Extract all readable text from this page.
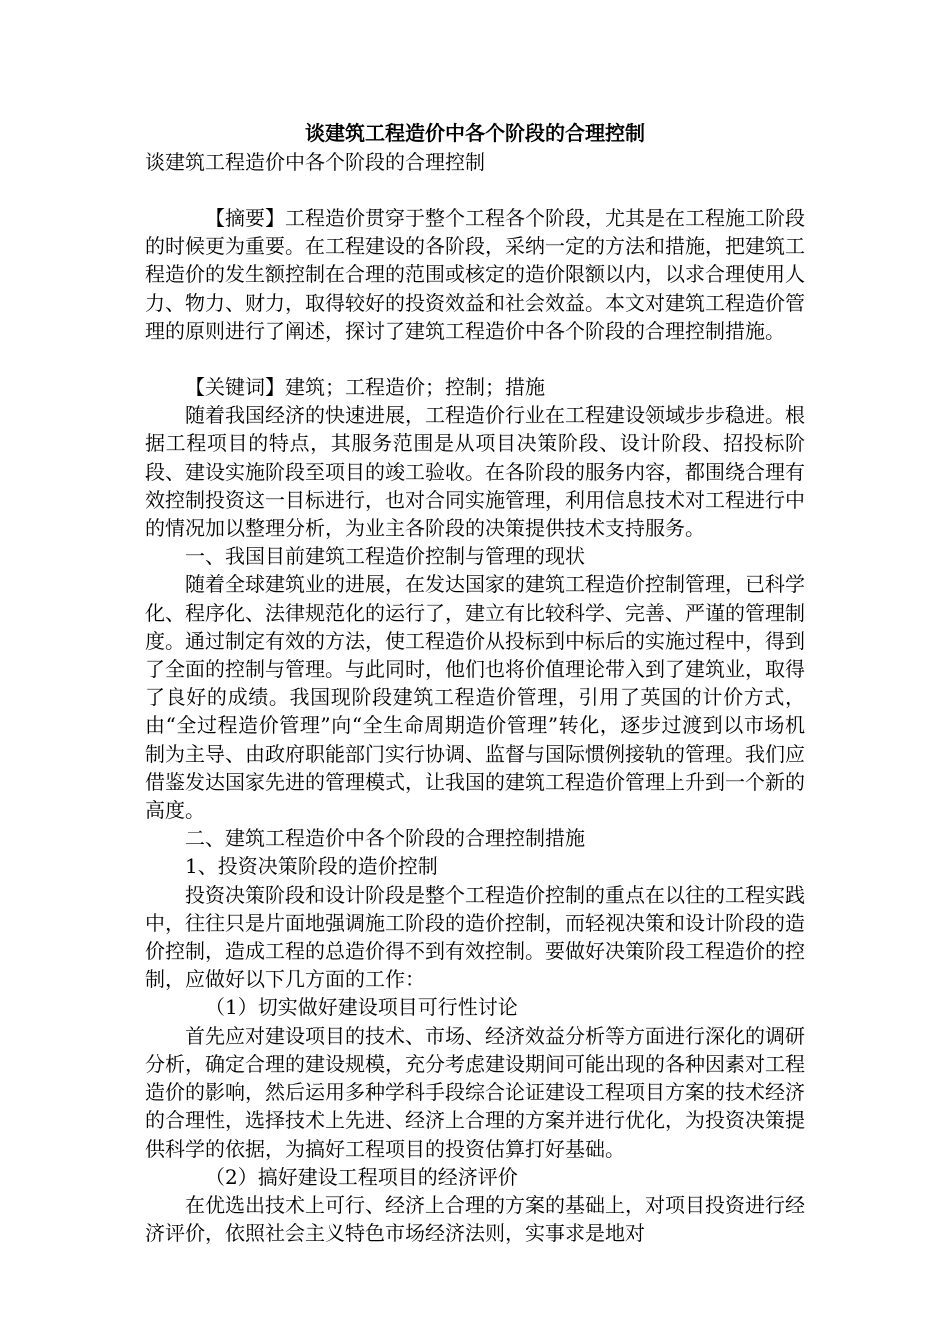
谈建筑工程造价中各个阶段的合理控制
谈建筑工程造价中各个阶段的合理控制

【摘要】工程造价贯穿于整个工程各个阶段，尤其是在工程施工阶段的时候更为重要。在工程建设的各阶段，采纳一定的方法和措施，把建筑工程造价的发生额控制在合理的范围或核定的造价限额以内，以求合理使用人力、物力、财力，取得较好的投资效益和社会效益。本文对建筑工程造价管理的原则进行了阐述，探讨了建筑工程造价中各个阶段的合理控制措施。

【关键词】建筑；工程造价；控制；措施

随着我国经济的快速进展，工程造价行业在工程建设领域步步稳进。根据工程项目的特点，其服务范围是从项目决策阶段、设计阶段、招投标阶段、建设实施阶段至项目的竣工验收。在各阶段的服务内容，都围绕合理有效控制投资这一目标进行，也对合同实施管理，利用信息技术对工程进行中的情况加以整理分析，为业主各阶段的决策提供技术支持服务。

一、我国目前建筑工程造价控制与管理的现状

随着全球建筑业的进展，在发达国家的建筑工程造价控制管理，已科学化、程序化、法律规范化的运行了，建立有比较科学、完善、严谨的管理制度。通过制定有效的方法，使工程造价从投标到中标后的实施过程中，得到了全面的控制与管理。与此同时，他们也将价值理论带入到了建筑业，取得了良好的成绩。我国现阶段建筑工程造价管理，引用了英国的计价方式，由“全过程造价管理”向“全生命周期造价管理”转化，逐步过渡到以市场机制为主导、由政府职能部门实行协调、监督与国际惯例接轨的管理。我们应借鉴发达国家先进的管理模式，让我国的建筑工程造价管理上升到一个新的高度。

二、建筑工程造价中各个阶段的合理控制措施

1、投资决策阶段的造价控制

投资决策阶段和设计阶段是整个工程造价控制的重点在以往的工程实践中，往往只是片面地强调施工阶段的造价控制，而轻视决策和设计阶段的造价控制，造成工程的总造价得不到有效控制。要做好决策阶段工程造价的控制，应做好以下几方面的工作：

（1）切实做好建设项目可行性讨论

首先应对建设项目的技术、市场、经济效益分析等方面进行深化的调研分析，确定合理的建设规模，充分考虑建设期间可能出现的各种因素对工程造价的影响，然后运用多种学科手段综合论证建设工程项目方案的技术经济的合理性，选择技术上先进、经济上合理的方案并进行优化，为投资决策提供科学的依据，为搞好工程项目的投资估算打好基础。

（2）搞好建设工程项目的经济评价

在优选出技术上可行、经济上合理的方案的基础上，对项目投资进行经济评价，依照社会主义特色市场经济法则，实事求是地对
